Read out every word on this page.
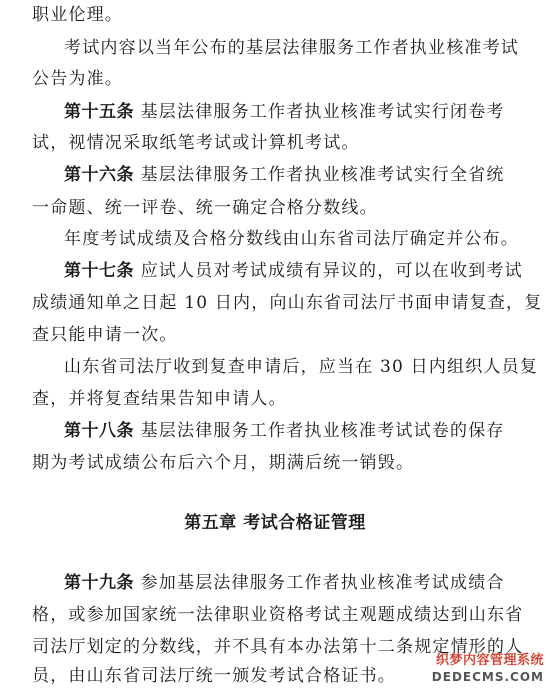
职业伦理。
考试内容以当年公布的基层法律服务工作者执业核准考试
公告为准。
第十五条 基层法律服务工作者执业核准考试实行闭卷考
试，视情况采取纸笔考试或计算机考试。
第十六条 基层法律服务工作者执业核准考试实行全省统
一命题、统一评卷、统一确定合格分数线。
年度考试成绩及合格分数线由山东省司法厅确定并公布。
第十七条 应试人员对考试成绩有异议的，可以在收到考试
成绩通知单之日起 10 日内，向山东省司法厅书面申请复查，复
查只能申请一次。
山东省司法厅收到复查申请后，应当在 30 日内组织人员复
查，并将复查结果告知申请人。
第十八条 基层法律服务工作者执业核准考试试卷的保存
期为考试成绩公布后六个月，期满后统一销毁。
第五章 考试合格证管理
第十九条 参加基层法律服务工作者执业核准考试成绩合
格，或参加国家统一法律职业资格考试主观题成绩达到山东省
司法厅划定的分数线，并不具有本办法第十二条规定情形的人
员，由山东省司法厅统一颁发考试合格证书。
织梦内容管理系统
DEDECMS.COM
